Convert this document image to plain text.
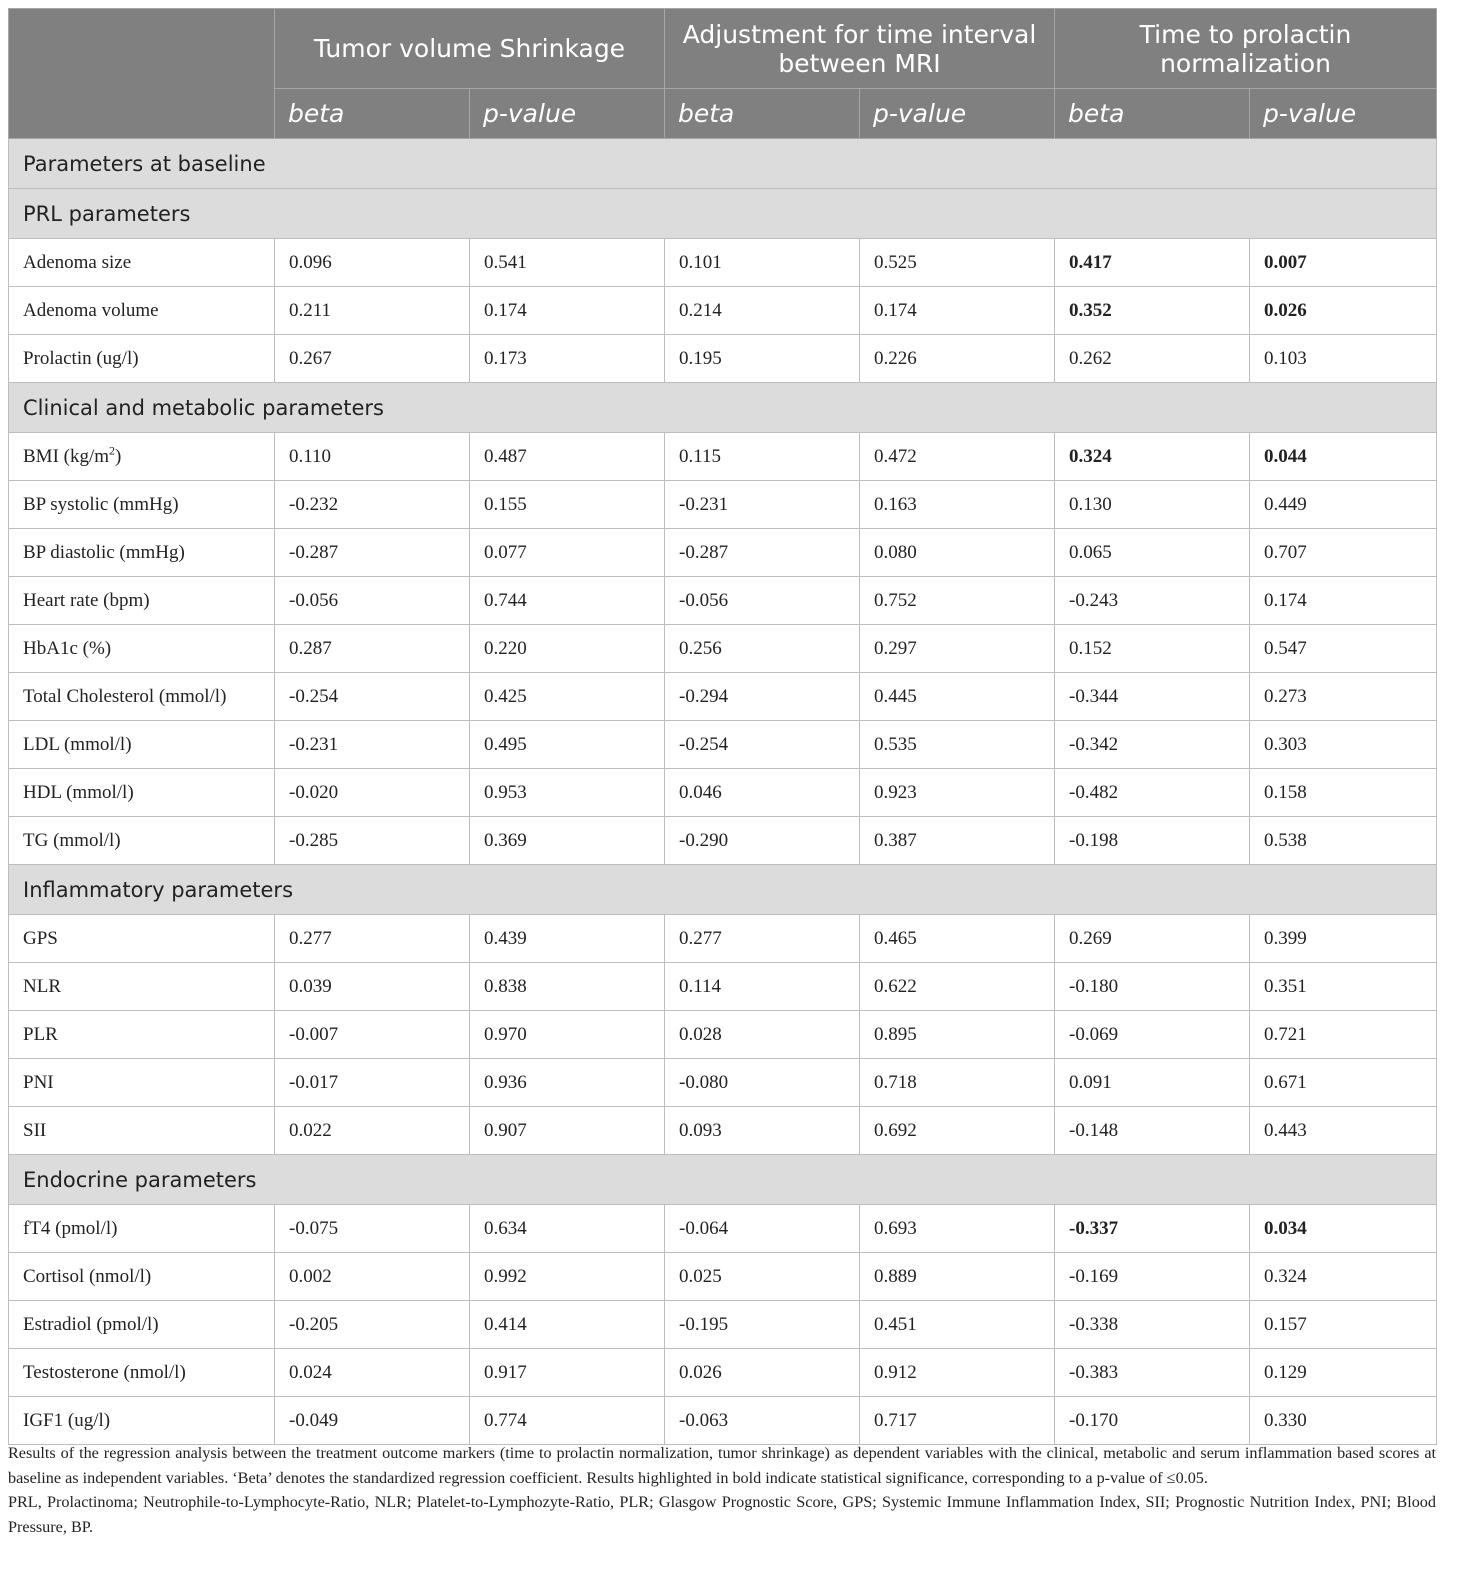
	Tumor volume Shrinkage		Adjustment for time interval between MRI		Time to prolactin normalization	
	beta	p-value	beta	p-value	beta	p-value
Parameters at baseline						
PRL parameters						
Adenoma size	0.096	0.541	0.101	0.525	0.417	0.007
Adenoma volume	0.211	0.174	0.214	0.174	0.352	0.026
Prolactin (ug/l)	0.267	0.173	0.195	0.226	0.262	0.103
Clinical and metabolic parameters						
BMI $(kg/m^2)$	0.110	0.487	0.115	0.472	0.324	0.044
BP systolic (mmHg)	-0.232	0.155	-0.231	0.163	0.130	0.449
BP diastolic (mmHg)	-0.287	0.077	-0.287	0.080	0.065	0.707
Heart rate (bpm)	-0.056	0.744	-0.056	0.752	-0.243	0.174
HbA1c (%)	0.287	0.220	0.256	0.297	0.152	0.547
Total Cholesterol (mmol/l)	-0.254	0.425	-0.294	0.445	-0.344	0.273
LDL (mmol/l)	-0.231	0.495	-0.254	0.535	-0.342	0.303
HDL (mmol/l)	-0.020	0.953	0.046	0.923	-0.482	0.158
TG (mmol/l)	-0.285	0.369	-0.290	0.387	-0.198	0.538
Inflammatory parameters						
GPS	0.277	0.439	0.277	0.465	0.269	0.399
NLR	0.039	0.838	0.114	0.622	-0.180	0.351
PLR	-0.007	0.970	0.028	0.895	-0.069	0.721
PNI	-0.017	0.936	-0.080	0.718	0.091	0.671
SII	0.022	0.907	0.093	0.692	-0.148	0.443
Endocrine parameters						
fT4 (pmol/l)	-0.075	0.634	-0.064	0.693	-0.337	0.034
Cortisol (nmol/l)	0.002	0.992	0.025	0.889	-0.169	0.324
Estradiol (pmol/l)	-0.205	0.414	-0.195	0.451	-0.338	0.157
Testosterone (nmol/l)	0.024	0.917	0.026	0.912	-0.383	0.129
IGF1 (ug/l)	-0.049	0.774	-0.063	0.717	-0.170	0.330

Results of the regression analysis between the treatment outcome markers (time to prolactin normalization, tumor shrinkage) as dependent variables with the clinical, metabolic and serum inflammation based scores at baseline as independent variables. ‘Beta’ denotes the standardized regression coefficient. Results highlighted in bold indicate statistical significance, corresponding to a p-value of ≤0.05.

PRL, Prolactinoma; Neutrophile-to-Lymphocyte-Ratio, NLR; Platelet-to-Lymphozyte-Ratio, PLR; Glasgow Prognostic Score, GPS; Systemic Immune Inflammation Index, SII; Prognostic Nutrition Index, PNI; Blood Pressure, BP.
